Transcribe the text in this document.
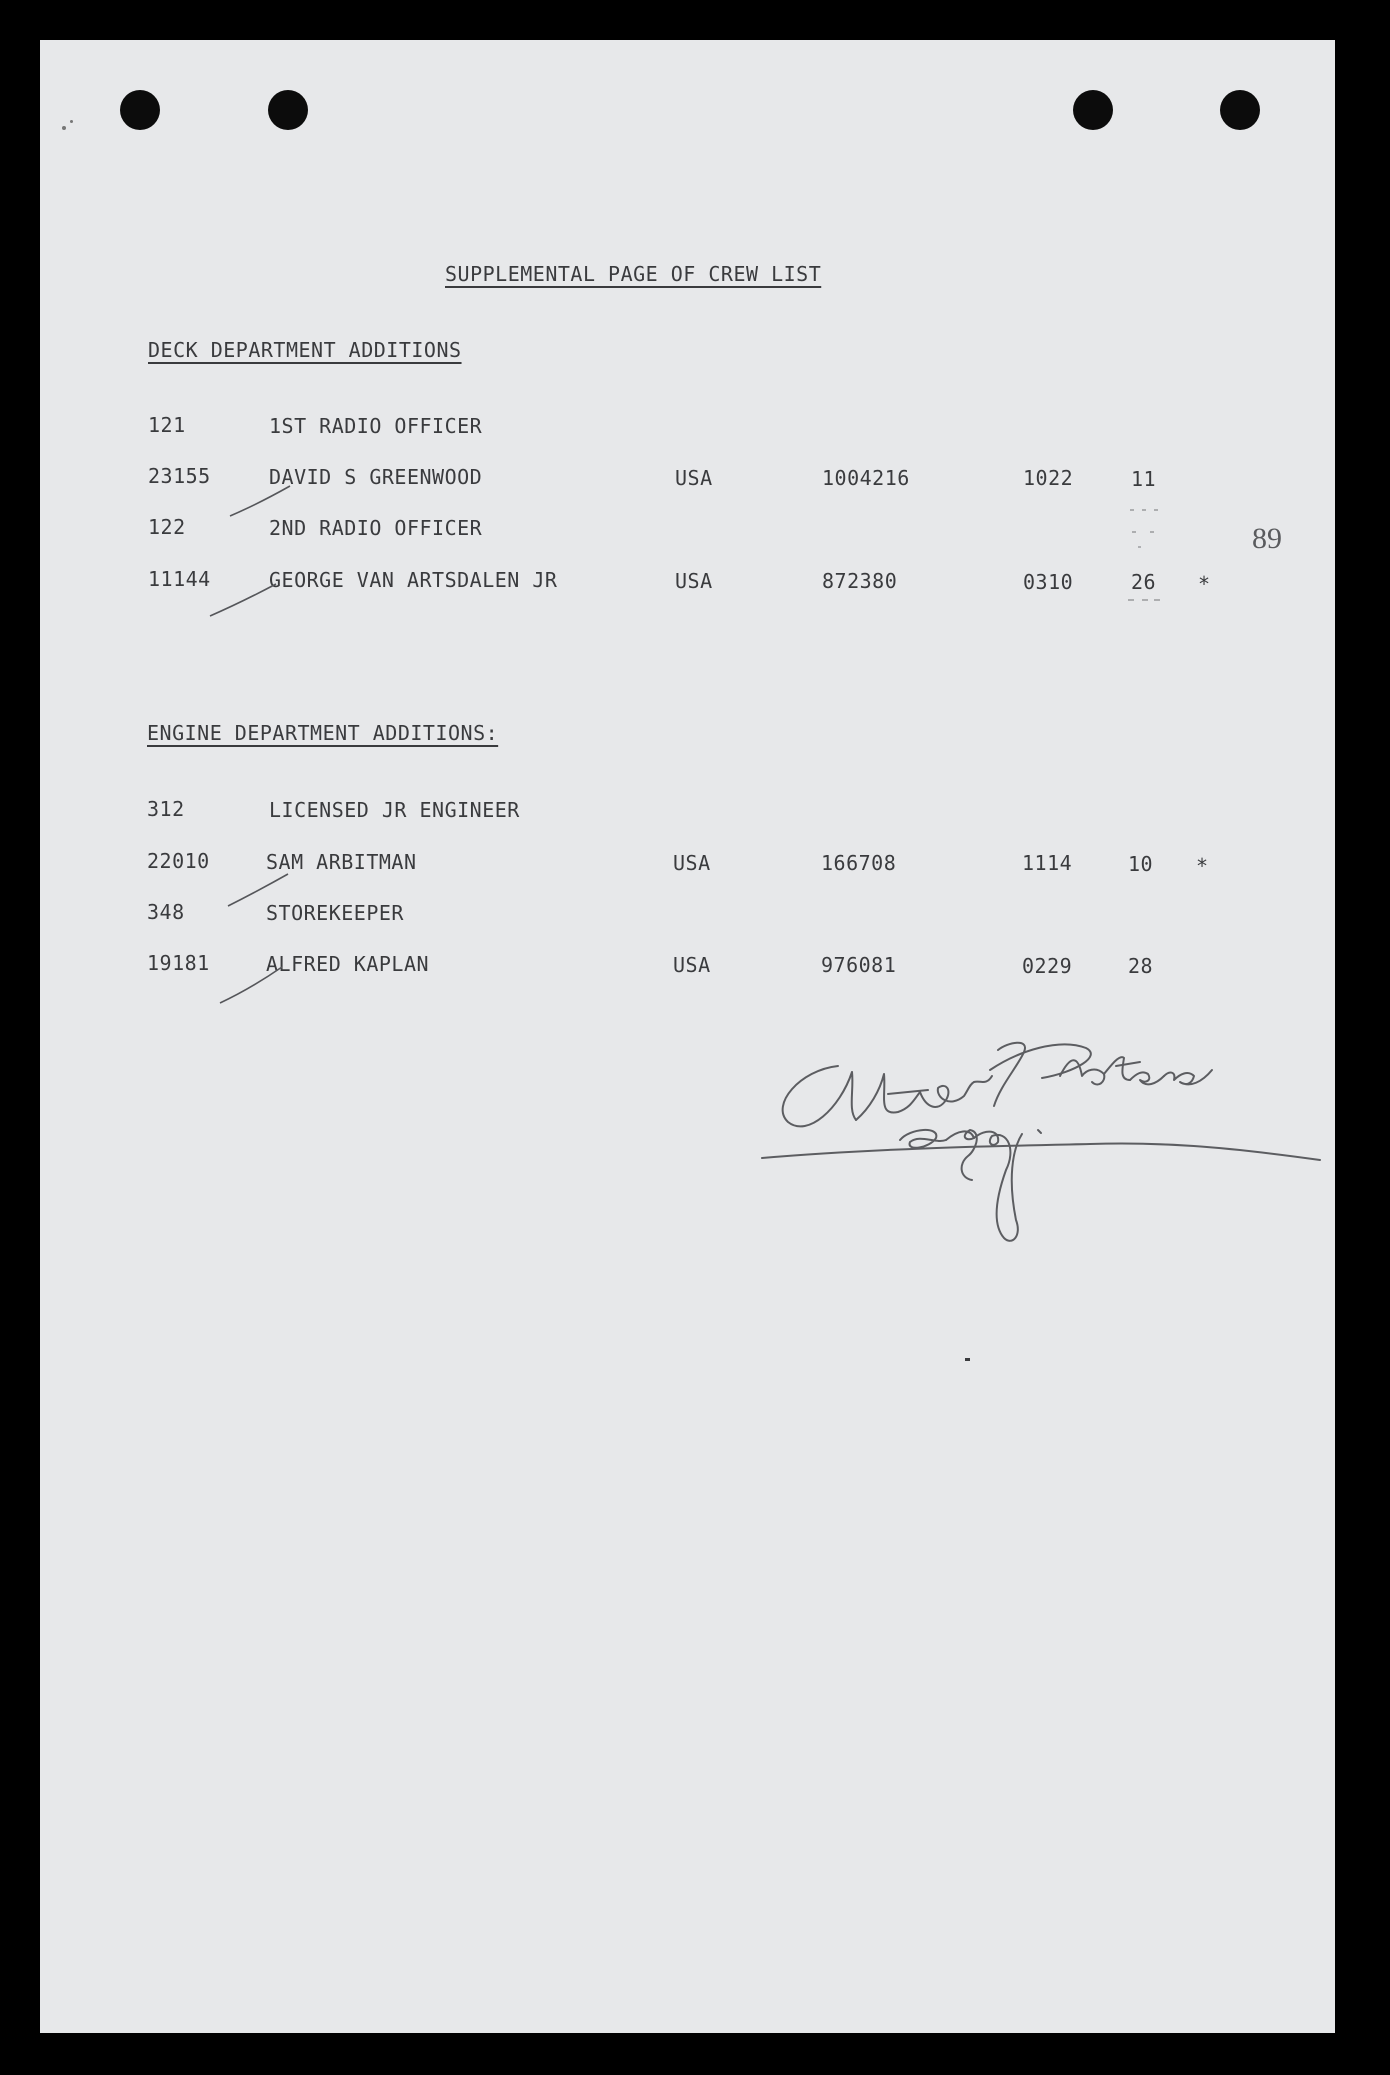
SUPPLEMENTAL PAGE OF CREW LIST
DECK DEPARTMENT ADDITIONS
121	1ST RADIO OFFICER
23155	DAVID S GREENWOOD	USA	1004216	1022	11
122	2ND RADIO OFFICER
11144	GEORGE VAN ARTSDALEN JR	USA	872380	0310	26 *
89
ENGINE DEPARTMENT ADDITIONS:
312	LICENSED JR ENGINEER
22010	SAM ARBITMAN	USA	166708	1114	10 *
348	STOREKEEPER
19181	ALFRED KAPLAN	USA	976081	0229	28
